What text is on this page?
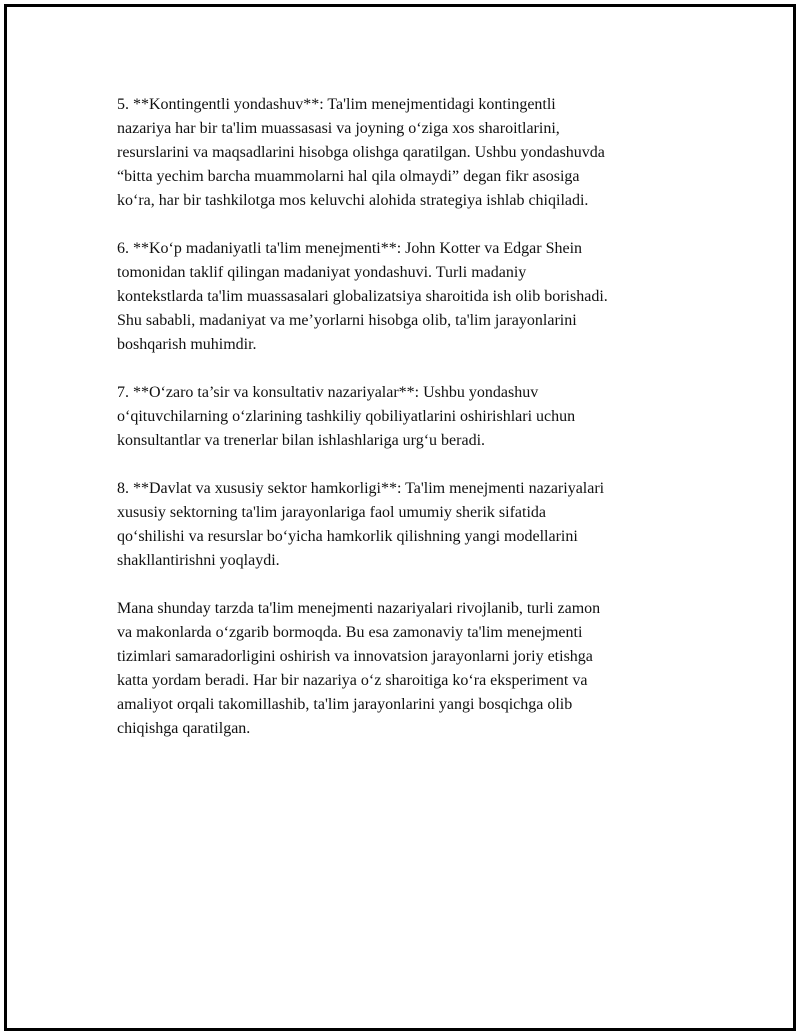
5. **Kontingentli yondashuv**: Ta'lim menejmentidagi kontingentli
nazariya har bir ta'lim muassasasi va joyning o‘ziga xos sharoitlarini,
resurslarini va maqsadlarini hisobga olishga qaratilgan. Ushbu yondashuvda
“bitta yechim barcha muammolarni hal qila olmaydi” degan fikr asosiga
ko‘ra, har bir tashkilotga mos keluvchi alohida strategiya ishlab chiqiladi.

6. **Ko‘p madaniyatli ta'lim menejmenti**: John Kotter va Edgar Shein
tomonidan taklif qilingan madaniyat yondashuvi. Turli madaniy
kontekstlarda ta'lim muassasalari globalizatsiya sharoitida ish olib borishadi.
Shu sababli, madaniyat va me’yorlarni hisobga olib, ta'lim jarayonlarini
boshqarish muhimdir.

7. **O‘zaro ta’sir va konsultativ nazariyalar**: Ushbu yondashuv
o‘qituvchilarning o‘zlarining tashkiliy qobiliyatlarini oshirishlari uchun
konsultantlar va trenerlar bilan ishlashlariga urg‘u beradi.

8. **Davlat va xususiy sektor hamkorligi**: Ta'lim menejmenti nazariyalari
xususiy sektorning ta'lim jarayonlariga faol umumiy sherik sifatida
qo‘shilishi va resurslar bo‘yicha hamkorlik qilishning yangi modellarini
shakllantirishni yoqlaydi.

Mana shunday tarzda ta'lim menejmenti nazariyalari rivojlanib, turli zamon
va makonlarda o‘zgarib bormoqda. Bu esa zamonaviy ta'lim menejmenti
tizimlari samaradorligini oshirish va innovatsion jarayonlarni joriy etishga
katta yordam beradi. Har bir nazariya o‘z sharoitiga ko‘ra eksperiment va
amaliyot orqali takomillashib, ta'lim jarayonlarini yangi bosqichga olib
chiqishga qaratilgan.
